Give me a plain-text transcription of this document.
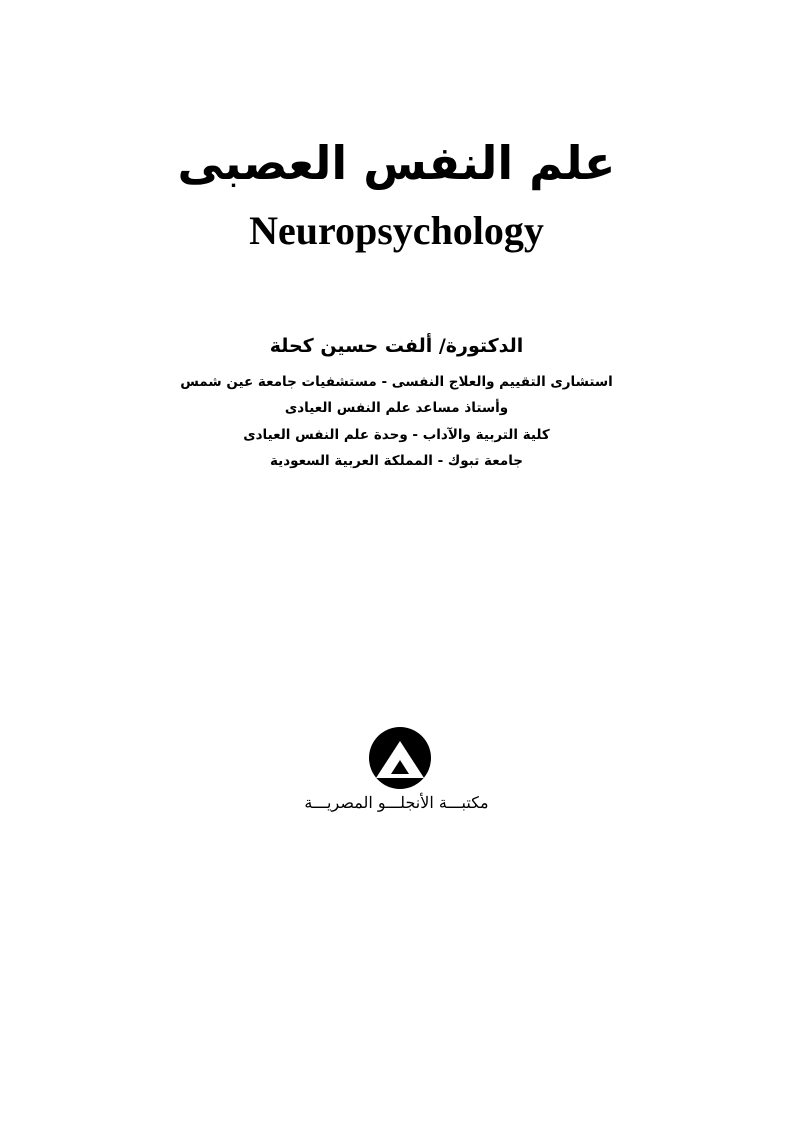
علم النفس العصبى
Neuropsychology
الدكتورة/ ألفت حسين كحلة
استشارى التقييم والعلاج النفسى - مستشفيات جامعة عين شمس
وأستاذ مساعد علم النفس العيادى
كلية التربية والآداب - وحدة علم النفس العيادى
جامعة تبوك - المملكة العربية السعودية
مكتبـــة الأنجلـــو المصريـــة
